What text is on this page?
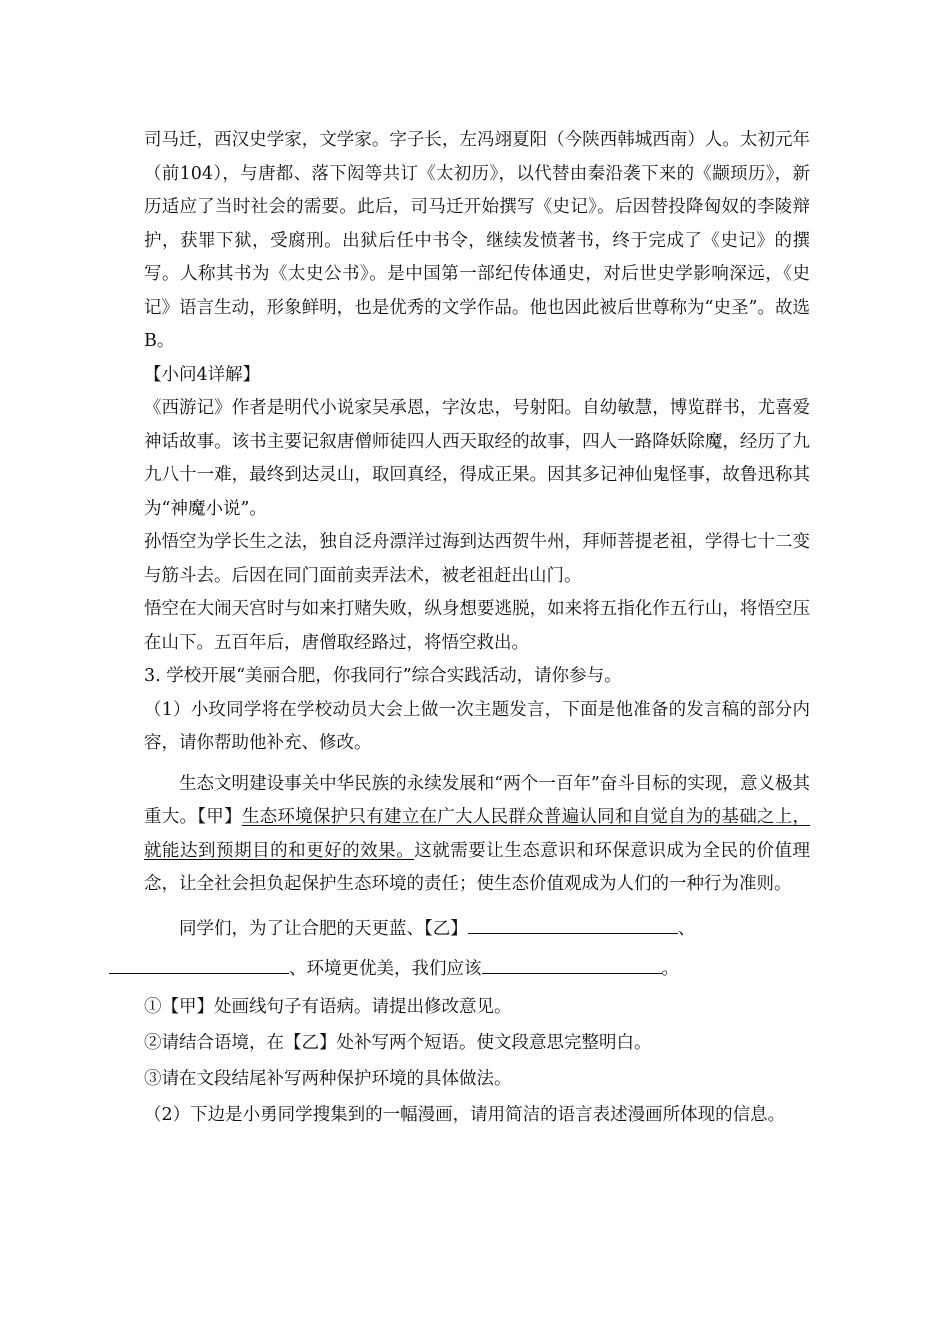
司马迁，西汉史学家，文学家。字子长，左冯翊夏阳（今陕西韩城西南）人。太初元年（前104），与唐都、落下闳等共订《太初历》，以代替由秦沿袭下来的《颛顼历》，新历适应了当时社会的需要。此后，司马迁开始撰写《史记》。后因替投降匈奴的李陵辩护，获罪下狱，受腐刑。出狱后任中书令，继续发愤著书，终于完成了《史记》的撰写。人称其书为《太史公书》。是中国第一部纪传体通史，对后世史学影响深远，《史记》语言生动，形象鲜明，也是优秀的文学作品。他也因此被后世尊称为“史圣”。故选B。

【小问4详解】

《西游记》作者是明代小说家吴承恩，字汝忠，号射阳。自幼敏慧，博览群书，尤喜爱神话故事。该书主要记叙唐僧师徒四人西天取经的故事，四人一路降妖除魔，经历了九九八十一难，最终到达灵山，取回真经，得成正果。因其多记神仙鬼怪事，故鲁迅称其为“神魔小说”。

孙悟空为学长生之法，独自泛舟漂洋过海到达西贺牛州，拜师菩提老祖，学得七十二变与筋斗去。后因在同门面前卖弄法术，被老祖赶出山门。

悟空在大闹天宫时与如来打赌失败，纵身想要逃脱，如来将五指化作五行山，将悟空压在山下。五百年后，唐僧取经路过，将悟空救出。

3. 学校开展“美丽合肥，你我同行”综合实践活动，请你参与。

（1）小玫同学将在学校动员大会上做一次主题发言，下面是他准备的发言稿的部分内容，请你帮助他补充、修改。

生态文明建设事关中华民族的永续发展和“两个一百年”奋斗目标的实现，意义极其重大。【甲】生态环境保护只有建立在广大人民群众普遍认同和自觉自为的基础之上，就能达到预期目的和更好的效果。这就需要让生态意识和环保意识成为全民的价值理念，让全社会担负起保护生态环境的责任；使生态价值观成为人们的一种行为准则。

同学们，为了让合肥的天更蓝、【乙】	、
、环境更优美，我们应该	。

①【甲】处画线句子有语病。请提出修改意见。

②请结合语境，在【乙】处补写两个短语。使文段意思完整明白。

③请在文段结尾补写两种保护环境的具体做法。

（2）下边是小勇同学搜集到的一幅漫画，请用简洁的语言表述漫画所体现的信息。
